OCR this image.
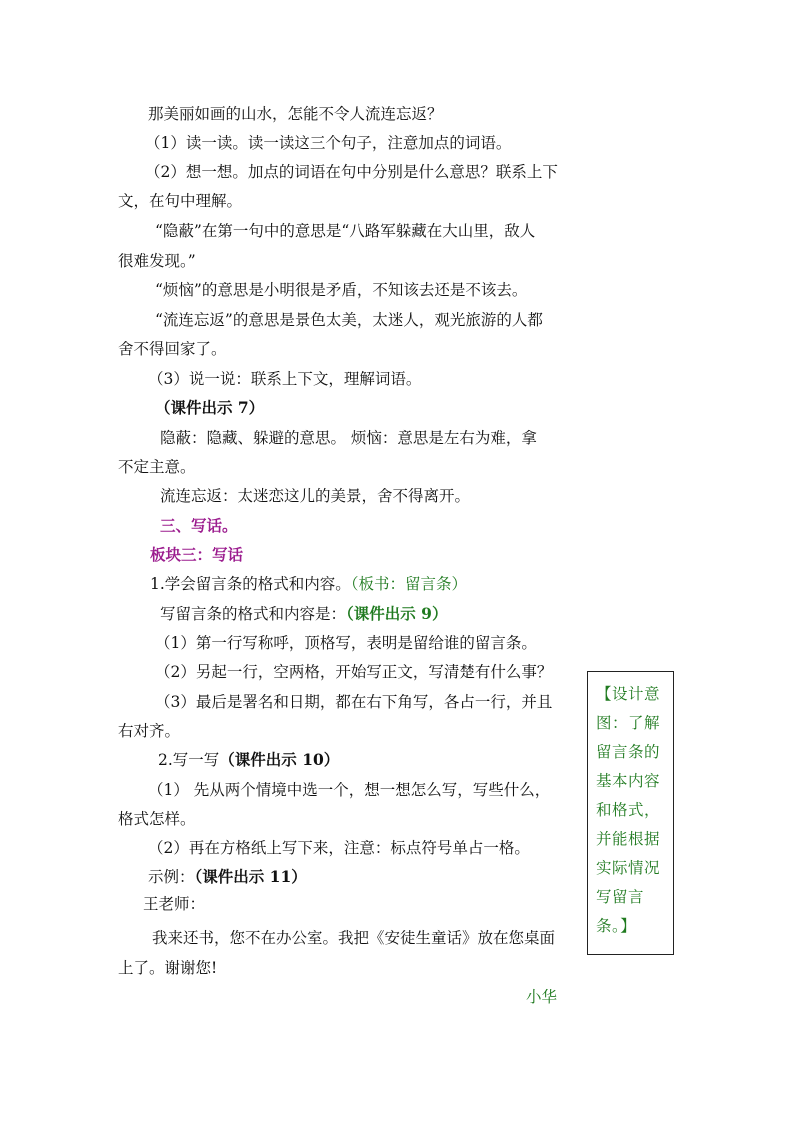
那美丽如画的山水，怎能不令人流连忘返？
（1）读一读。读一读这三个句子，注意加点的词语。
（2）想一想。加点的词语在句中分别是什么意思？联系上下
文，在句中理解。
“隐蔽”在第一句中的意思是“八路军躲藏在大山里，敌人
很难发现。”
“烦恼”的意思是小明很是矛盾，不知该去还是不该去。
“流连忘返”的意思是景色太美，太迷人，观光旅游的人都
舍不得回家了。
（3）说一说：联系上下文，理解词语。
（课件出示 7）
隐蔽：隐藏、躲避的意思。 烦恼：意思是左右为难，拿
不定主意。
流连忘返：太迷恋这儿的美景，舍不得离开。
三、写话。
板块三：写话
1.学会留言条的格式和内容。（板书：留言条）
写留言条的格式和内容是：（课件出示 9）
（1）第一行写称呼，顶格写，表明是留给谁的留言条。
（2）另起一行，空两格，开始写正文，写清楚有什么事？
（3）最后是署名和日期，都在右下角写，各占一行，并且
右对齐。
2.写一写（课件出示 10）
（1） 先从两个情境中选一个，想一想怎么写，写些什么，
格式怎样。
（2）再在方格纸上写下来，注意：标点符号单占一格。
示例：（课件出示 11）
王老师：
我来还书，您不在办公室。我把《安徒生童话》放在您桌面
上了。谢谢您!
小华
【设计意图：了解留言条的基本内容和格式，并能根据实际情况写留言条。】
